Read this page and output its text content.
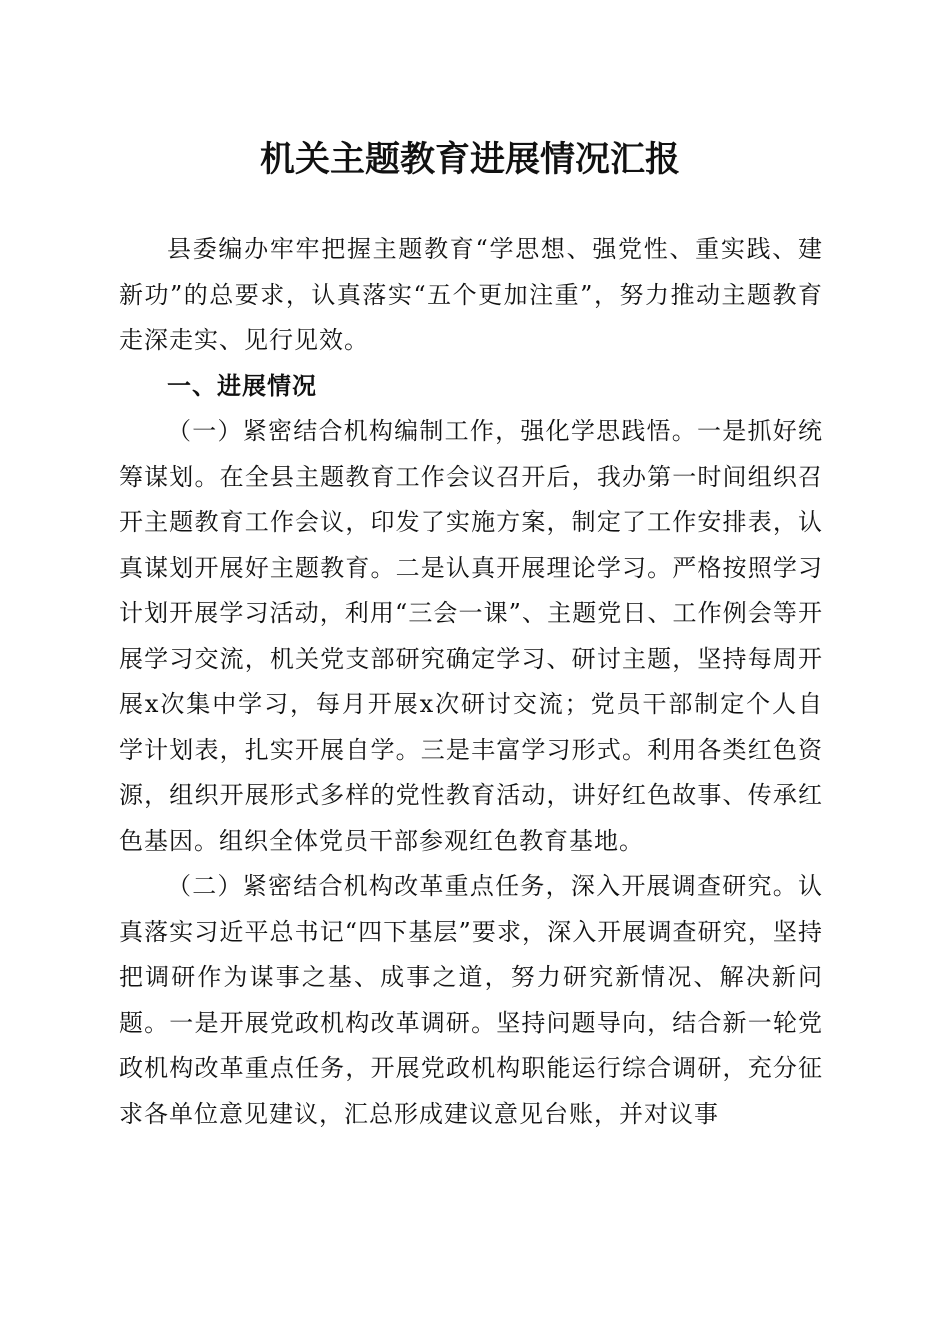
机关主题教育进展情况汇报

县委编办牢牢把握主题教育“学思想、强党性、重实践、建新功”的总要求，认真落实“五个更加注重”，努力推动主题教育走深走实、见行见效。

一、进展情况

（一）紧密结合机构编制工作，强化学思践悟。一是抓好统筹谋划。在全县主题教育工作会议召开后，我办第一时间组织召开主题教育工作会议，印发了实施方案，制定了工作安排表，认真谋划开展好主题教育。二是认真开展理论学习。严格按照学习计划开展学习活动，利用“三会一课”、主题党日、工作例会等开展学习交流，机关党支部研究确定学习、研讨主题，坚持每周开展x次集中学习，每月开展x次研讨交流；党员干部制定个人自学计划表，扎实开展自学。三是丰富学习形式。利用各类红色资源，组织开展形式多样的党性教育活动，讲好红色故事、传承红色基因。组织全体党员干部参观红色教育基地。

（二）紧密结合机构改革重点任务，深入开展调查研究。认真落实习近平总书记“四下基层”要求，深入开展调查研究，坚持把调研作为谋事之基、成事之道，努力研究新情况、解决新问题。一是开展党政机构改革调研。坚持问题导向，结合新一轮党政机构改革重点任务，开展党政机构职能运行综合调研，充分征求各单位意见建议，汇总形成建议意见台账，并对议事
